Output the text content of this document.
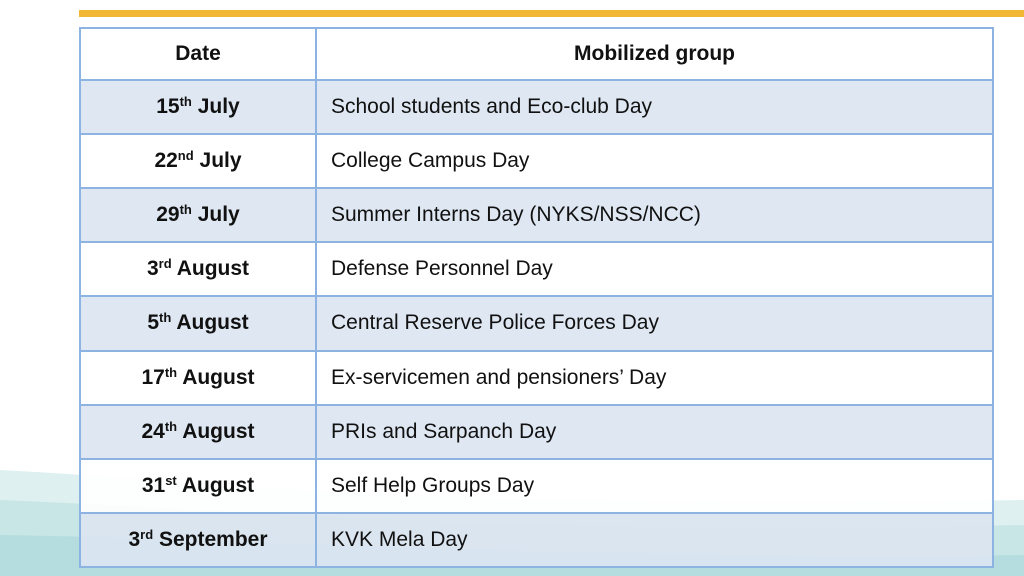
Date	Mobilized group
15th July	School students and Eco-club Day
22nd July	College Campus Day
29th July	Summer Interns Day (NYKS/NSS/NCC)
3rd August	Defense Personnel Day
5th August	Central Reserve Police Forces Day
17th August	Ex-servicemen and pensioners’ Day
24th August	PRIs and Sarpanch Day
31st August	Self Help Groups Day
3rd September	KVK Mela Day
